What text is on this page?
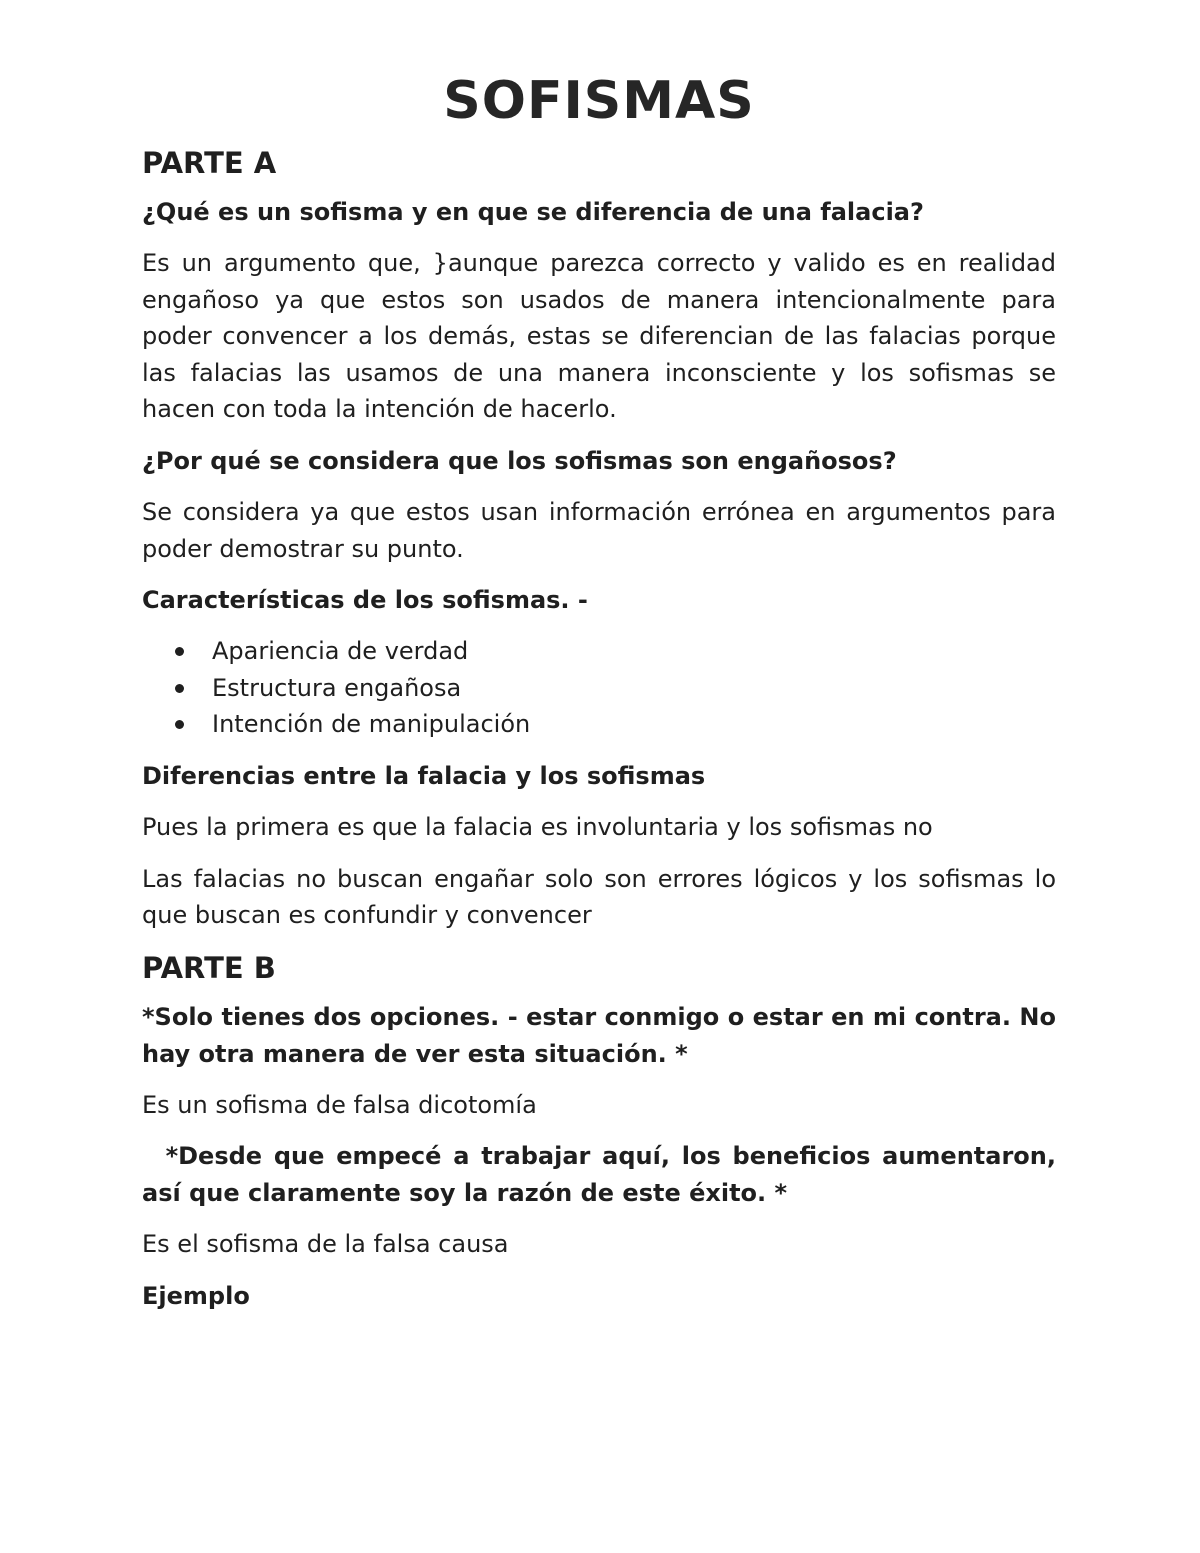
SOFISMAS
PARTE A

¿Qué es un sofisma y en que se diferencia de una falacia?

Es un argumento que, }aunque parezca correcto y valido es en realidad engañoso ya que estos son usados de manera intencionalmente para poder convencer a los demás, estas se diferencian de las falacias porque las falacias las usamos de una manera inconsciente y los sofismas se hacen con toda la intención de hacerlo.

¿Por qué se considera que los sofismas son engañosos?

Se considera ya que estos usan información errónea en argumentos para poder demostrar su punto.

Características de los sofismas. -

Apariencia de verdad
Estructura engañosa
Intención de manipulación

Diferencias entre la falacia y los sofismas

Pues la primera es que la falacia es involuntaria y los sofismas no

Las falacias no buscan engañar solo son errores lógicos y los sofismas lo que buscan es confundir y convencer

PARTE B

*Solo tienes dos opciones. - estar conmigo o estar en mi contra. No hay otra manera de ver esta situación. *

Es un sofisma de falsa dicotomía

*Desde que empecé a trabajar aquí, los beneficios aumentaron, así que claramente soy la razón de este éxito. *

Es el sofisma de la falsa causa

Ejemplo
